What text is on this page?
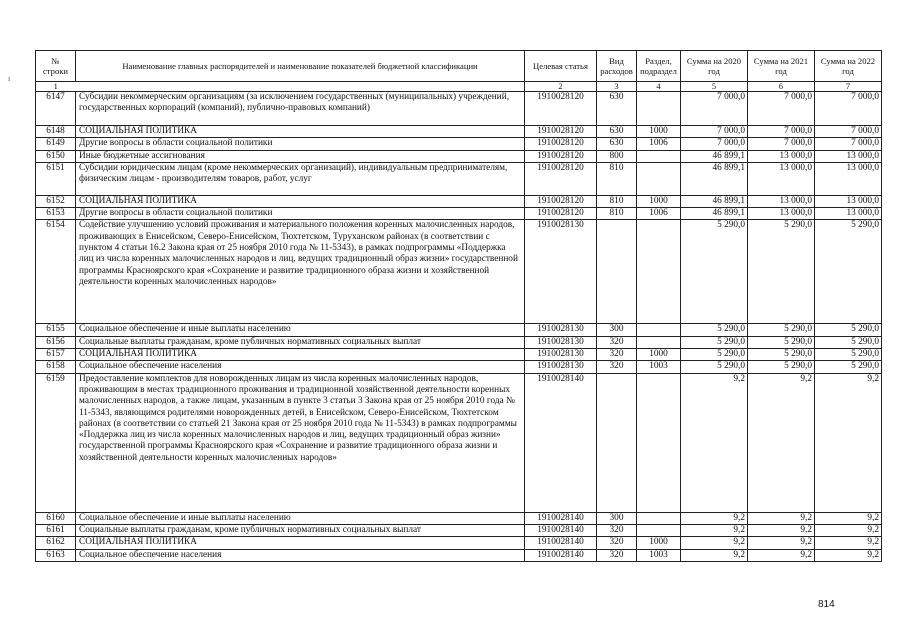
ı
№ строки	Наименование главных распорядителей и наименование показателей бюджетной классификации	Целевая статья	Вид расходов	Раздел, подраздел	Сумма на 2020 год	Сумма на 2021 год	Сумма на 2022 год
1		2	3	4	5	6	7
6147	Субсидии некоммерческим организациям (за исключением государственных (муниципальных) учреждений, государственных корпораций (компаний), публично-правовых компаний)	1910028120	630		7 000,0	7 000,0	7 000,0
6148	СОЦИАЛЬНАЯ ПОЛИТИКА	1910028120	630	1000	7 000,0	7 000,0	7 000,0
6149	Другие вопросы в области социальной политики	1910028120	630	1006	7 000,0	7 000,0	7 000,0
6150	Иные бюджетные ассигнования	1910028120	800		46 899,1	13 000,0	13 000,0
6151	Субсидии юридическим лицам (кроме некоммерческих организаций), индивидуальным предпринимателям, физическим лицам - производителям товаров, работ, услуг	1910028120	810		46 899,1	13 000,0	13 000,0
6152	СОЦИАЛЬНАЯ ПОЛИТИКА	1910028120	810	1000	46 899,1	13 000,0	13 000,0
6153	Другие вопросы в области социальной политики	1910028120	810	1006	46 899,1	13 000,0	13 000,0
6154	Содействие улучшению условий проживания и материального положения коренных малочисленных народов, проживающих в Енисейском, Северо-Енисейском, Тюхтетском, Туруханском районах (в соответствии с пунктом 4 статьи 16.2 Закона края от 25 ноября 2010 года № 11-5343), в рамках подпрограммы «Поддержка лиц из числа коренных малочисленных народов и лиц, ведущих традиционный образ жизни» государственной программы Красноярского края «Сохранение и развитие традиционного образа жизни и хозяйственной деятельности коренных малочисленных народов»	1910028130			5 290,0	5 290,0	5 290,0
6155	Социальное обеспечение и иные выплаты населению	1910028130	300		5 290,0	5 290,0	5 290,0
6156	Социальные выплаты гражданам, кроме публичных нормативных социальных выплат	1910028130	320		5 290,0	5 290,0	5 290,0
6157	СОЦИАЛЬНАЯ ПОЛИТИКА	1910028130	320	1000	5 290,0	5 290,0	5 290,0
6158	Социальное обеспечение населения	1910028130	320	1003	5 290,0	5 290,0	5 290,0
6159	Предоставление комплектов для новорожденных лицам из числа коренных малочисленных народов, проживающим в местах традиционного проживания и традиционной хозяйственной деятельности коренных малочисленных народов, а также лицам, указанным в пункте 3 статьи 3 Закона края от 25 ноября 2010 года № 11-5343, являющимся родителями новорожденных детей, в Енисейском, Северо-Енисейском, Тюхтетском районах (в соответствии со статьей 21 Закона края от 25 ноября 2010 года № 11-5343) в рамках подпрограммы «Поддержка лиц из числа коренных малочисленных народов и лиц, ведущих традиционный образ жизни» государственной программы Красноярского края «Сохранение и развитие традиционного образа жизни и хозяйственной деятельности коренных малочисленных народов»	1910028140			9,2	9,2	9,2
6160	Социальное обеспечение и иные выплаты населению	1910028140	300		9,2	9,2	9,2
6161	Социальные выплаты гражданам, кроме публичных нормативных социальных выплат	1910028140	320		9,2	9,2	9,2
6162	СОЦИАЛЬНАЯ ПОЛИТИКА	1910028140	320	1000	9,2	9,2	9,2
6163	Социальное обеспечение населения	1910028140	320	1003	9,2	9,2	9,2
814
